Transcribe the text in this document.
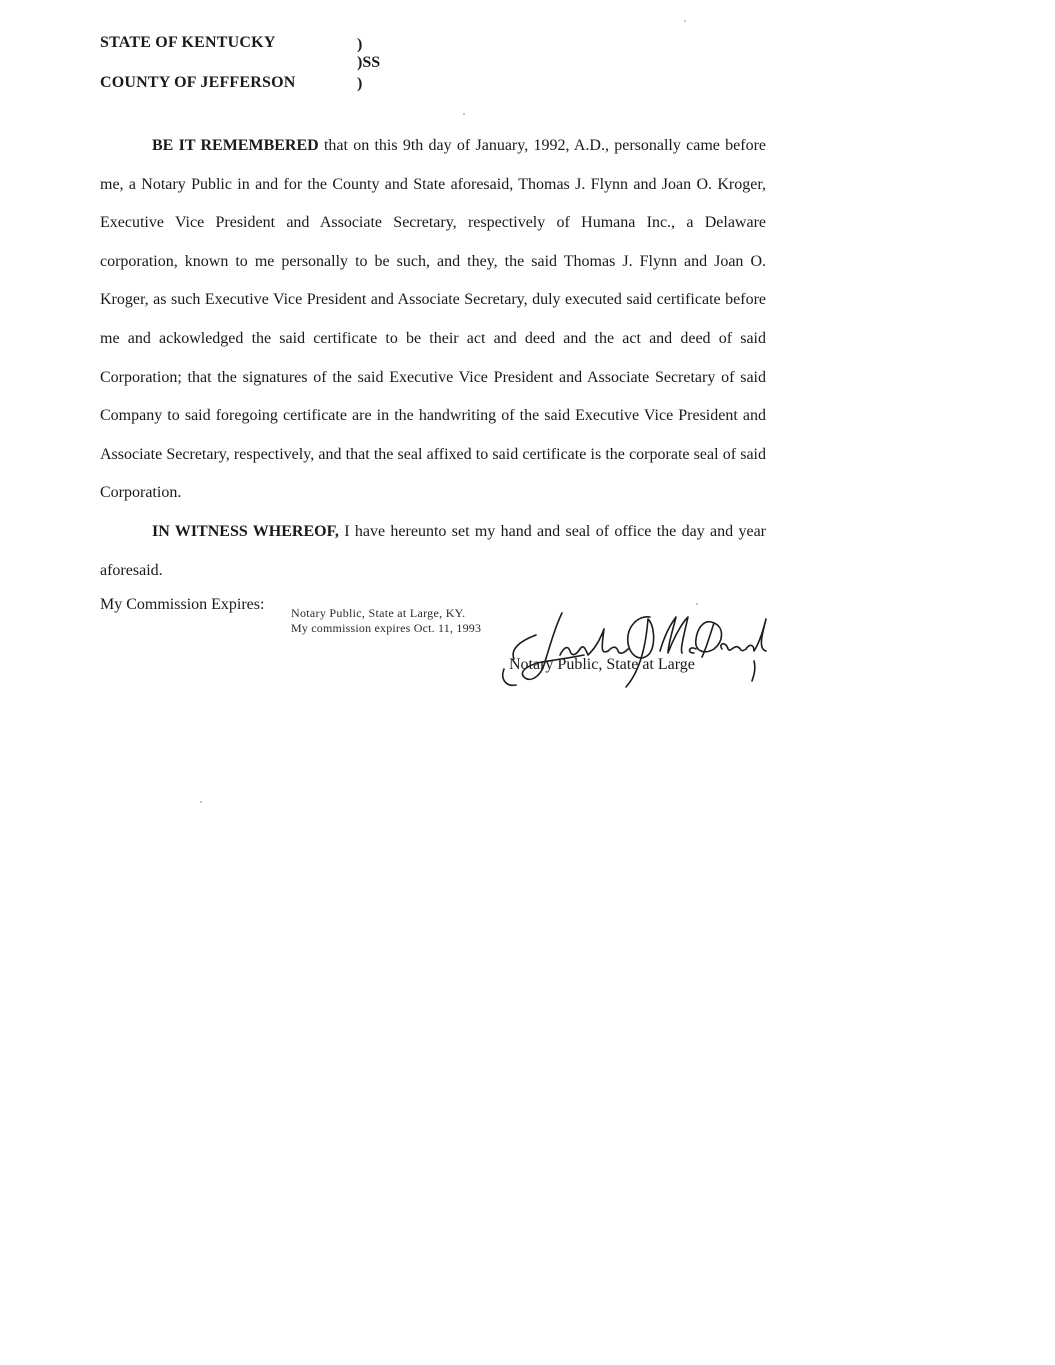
STATE OF KENTUCKY
COUNTY OF JEFFERSON
)
)SS
)

BE IT REMEMBERED that on this 9th day of January, 1992, A.D., personally came before me, a Notary Public in and for the County and State aforesaid, Thomas J. Flynn and Joan O. Kroger, Executive Vice President and Associate Secretary, respectively of Humana Inc., a Delaware corporation, known to me personally to be such, and they, the said Thomas J. Flynn and Joan O. Kroger, as such Executive Vice President and Associate Secretary, duly executed said certificate before me and ackowledged the said certificate to be their act and deed and the act and deed of said Corporation; that the signatures of the said Executive Vice President and Associate Secretary of said Company to said foregoing certificate are in the handwriting of the said Executive Vice President and Associate Secretary, respectively, and that the seal affixed to said certificate is the corporate seal of said Corporation.

IN WITNESS WHEREOF, I have hereunto set my hand and seal of office the day and year aforesaid.

My Commission Expires: Notary Public, State at Large, KY.
My commission expires Oct. 11, 1993
Notary Public, State at Large
